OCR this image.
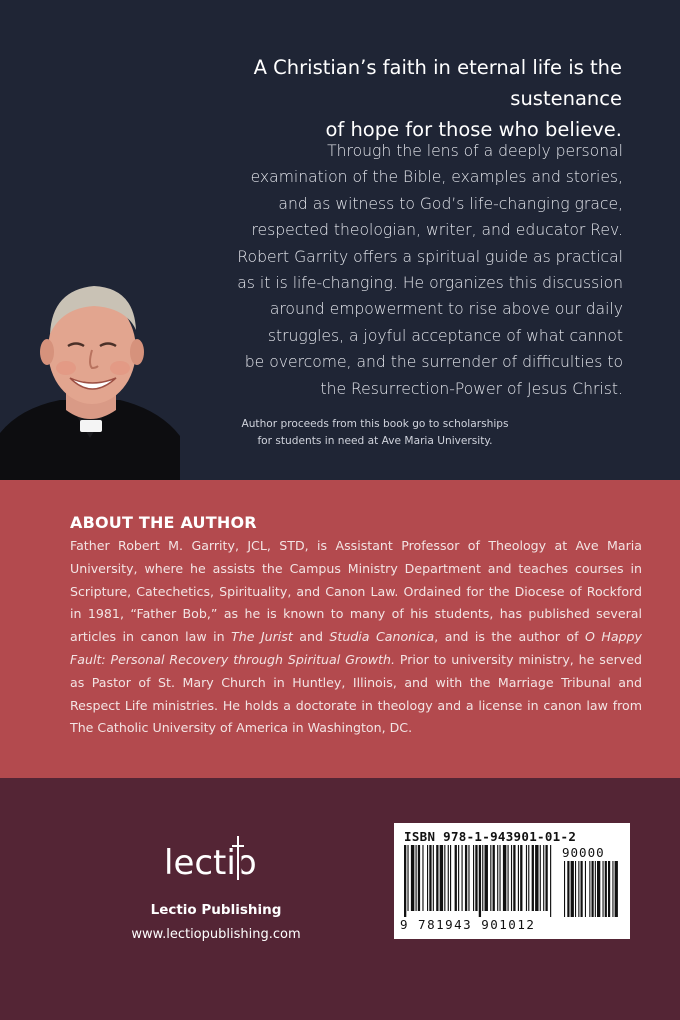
A Christian’s faith in eternal life is the sustenance
of hope for those who believe.
Through the lens of a deeply personal
examination of the Bible, examples and stories,
and as witness to God’s life-changing grace,
respected theologian, writer, and educator Rev.
Robert Garrity offers a spiritual guide as practical
as it is life-changing. He organizes this discussion
around empowerment to rise above our daily
struggles, a joyful acceptance of what cannot
be overcome, and the surrender of difficulties to
the Resurrection-Power of Jesus Christ.
Author proceeds from this book go to scholarships
for students in need at Ave Maria University.
ABOUT THE AUTHOR

Father Robert M. Garrity, JCL, STD, is Assistant Professor of Theology at Ave Maria University, where he assists the Campus Ministry Department and teaches courses in Scripture, Catechetics, Spirituality, and Canon Law. Ordained for the Diocese of Rockford in 1981, “Father Bob,” as he is known to many of his students, has published several articles in canon law in The Jurist and Studia Canonica, and is the author of O Happy Fault: Personal Recovery through Spiritual Growth. Prior to university ministry, he served as Pastor of St. Mary Church in Huntley, Illinois, and with the Marriage Tribunal and Respect Life ministries. He holds a doctorate in theology and a license in canon law from The Catholic University of America in Washington, DC.

lectio
Lectio Publishing
www.lectiopublishing.com
ISBN 978-1-943901-01-2
90000
9 781943 901012
